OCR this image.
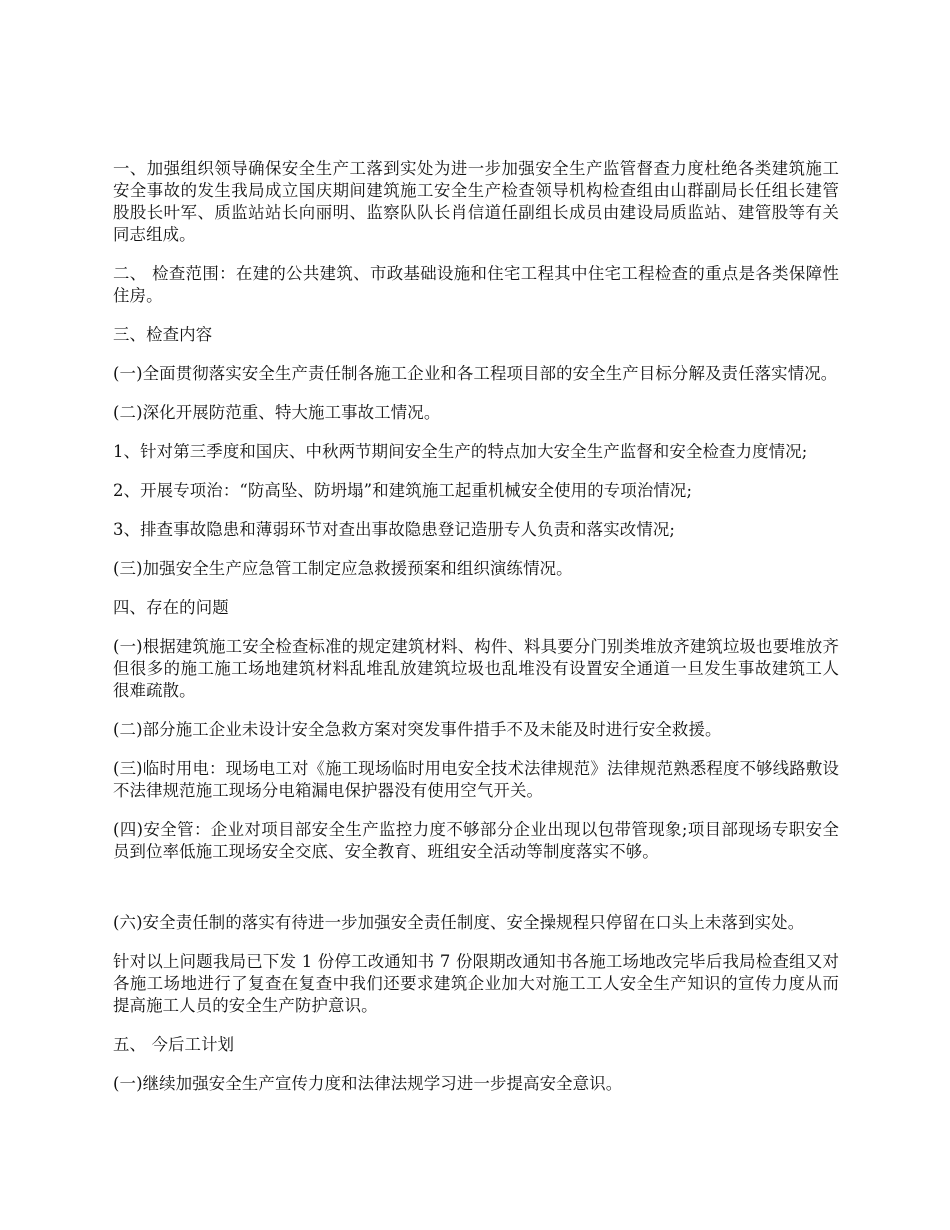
一、加强组织领导确保安全生产工落到实处为进一步加强安全生产监管督查力度杜绝各类建筑施工安全事故的发生我局成立国庆期间建筑施工安全生产检查领导机构检查组由山群副局长任组长建管股股长叶军、质监站站长向丽明、监察队队长肖信道任副组长成员由建设局质监站、建管股等有关同志组成。

二、 检查范围：在建的公共建筑、市政基础设施和住宅工程其中住宅工程检查的重点是各类保障性住房。

三、检查内容

(一)全面贯彻落实安全生产责任制各施工企业和各工程项目部的安全生产目标分解及责任落实情况。

(二)深化开展防范重、特大施工事故工情况。

1、针对第三季度和国庆、中秋两节期间安全生产的特点加大安全生产监督和安全检查力度情况;

2、开展专项治：“防高坠、防坍塌”和建筑施工起重机械安全使用的专项治情况;

3、排查事故隐患和薄弱环节对查出事故隐患登记造册专人负责和落实改情况;

(三)加强安全生产应急管工制定应急救援预案和组织演练情况。

四、存在的问题

(一)根据建筑施工安全检查标准的规定建筑材料、构件、料具要分门别类堆放齐建筑垃圾也要堆放齐但很多的施工施工场地建筑材料乱堆乱放建筑垃圾也乱堆没有设置安全通道一旦发生事故建筑工人很难疏散。

(二)部分施工企业未设计安全急救方案对突发事件措手不及未能及时进行安全救援。

(三)临时用电：现场电工对《施工现场临时用电安全技术法律规范》法律规范熟悉程度不够线路敷设不法律规范施工现场分电箱漏电保护器没有使用空气开关。

(四)安全管：企业对项目部安全生产监控力度不够部分企业出现以包带管现象;项目部现场专职安全员到位率低施工现场安全交底、安全教育、班组安全活动等制度落实不够。

(六)安全责任制的落实有待进一步加强安全责任制度、安全操规程只停留在口头上未落到实处。

针对以上问题我局已下发 1 份停工改通知书 7 份限期改通知书各施工场地改完毕后我局检查组又对各施工场地进行了复查在复查中我们还要求建筑企业加大对施工工人安全生产知识的宣传力度从而提高施工人员的安全生产防护意识。

五、 今后工计划

(一)继续加强安全生产宣传力度和法律法规学习进一步提高安全意识。
